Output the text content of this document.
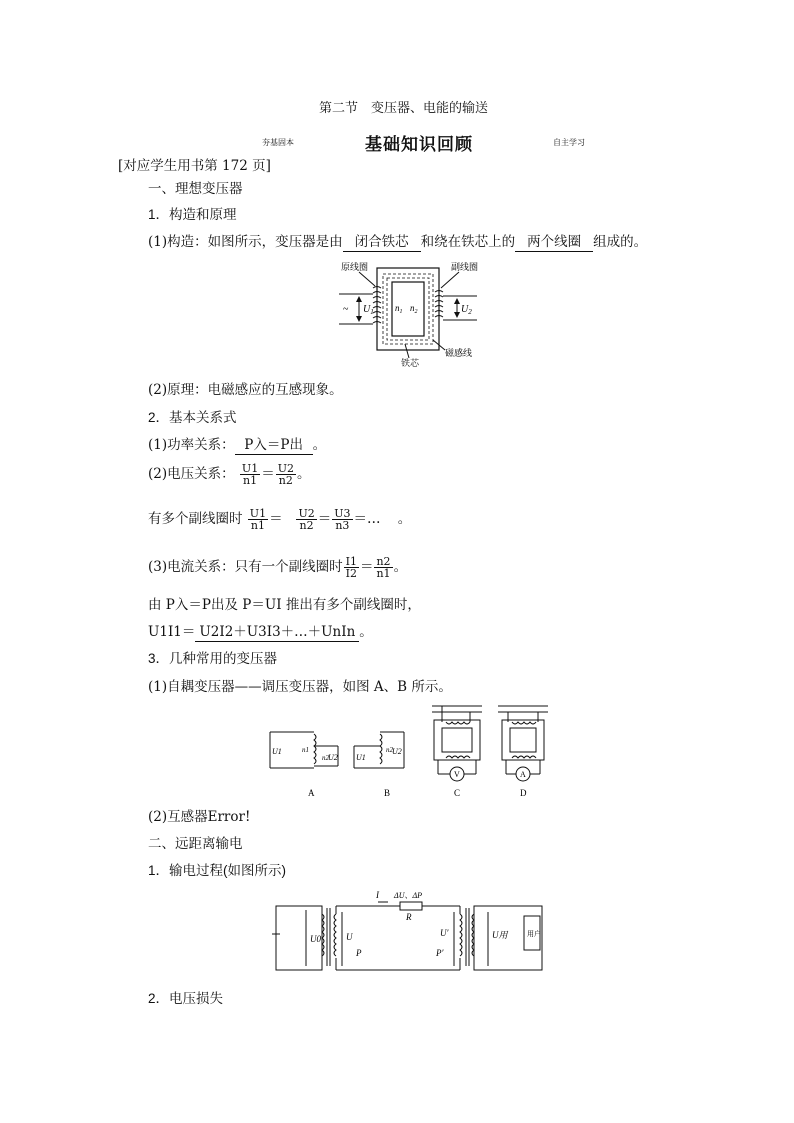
第二节　变压器、电能的输送
夯基固本	基础知识回顾	自主学习
[对应学生用书第 172 页]
一、理想变压器
1．构造和原理
(1)构造：如图所示，变压器是由 闭合铁芯 和绕在铁芯上的 两个线圈 组成的。
原线圈	副线圈
~ $U_1$	$U_2$
$n_1$ $n_2$
磁感线
铁芯
(2)原理：电磁感应的互感现象。
2．基本关系式
(1)功率关系： P入＝P出 。
(2)电压关系： $\frac{U1}{n1} = \frac{U2}{n2}$ 。
有多个副线圈时 $\frac{U1}{n1} = \frac{U2}{n2} = \frac{U3}{n3}$ ＝… 。
(3)电流关系：只有一个副线圈时 $\frac{I1}{I2} = \frac{n2}{n1}$ 。
由 P入＝P出及 P＝UI 推出有多个副线圈时，
U1I1＝ U2I2＋U3I3＋…＋UnIn 。
3．几种常用的变压器
(1)自耦变压器——调压变压器，如图 A、B 所示。
U1	n1
n2 U2 U1
n2 U2
V	A
A	B	C	D
(2)互感器Error!
二、远距离输电
1．输电过程(如图所示)
I ΔU、ΔP
R
U0	U
P
U′
P′
U用	用户
2．电压损失
